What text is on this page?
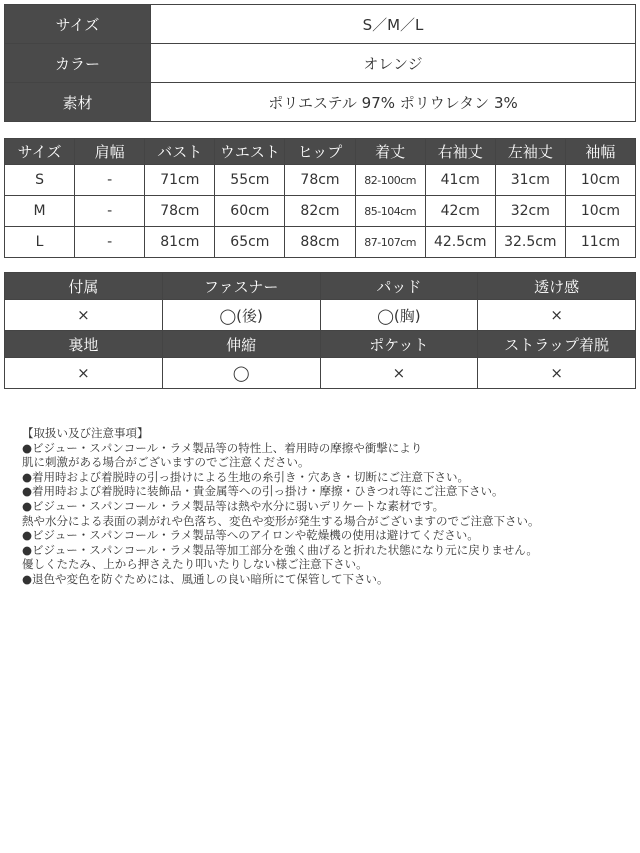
サイズ	S／M／L
カラー	オレンジ
素材	ポリエステル 97% ポリウレタン 3%
サイズ	肩幅	バスト	ウエスト	ヒップ	着丈	右袖丈	左袖丈	袖幅
S	-	71cm	55cm	78cm	82-100cm	41cm	31cm	10cm
M	-	78cm	60cm	82cm	85-104cm	42cm	32cm	10cm
L	-	81cm	65cm	88cm	87-107cm	42.5cm	32.5cm	11cm
付属	ファスナー	パッド	透け感
×	◯(後)	◯(胸)	×
裏地	伸縮	ポケット	ストラップ着脱
×	◯	×	×
【取扱い及び注意事項】
●ビジュー・スパンコール・ラメ製品等の特性上、着用時の摩擦や衝撃により
肌に刺激がある場合がございますのでご注意ください。
●着用時および着脱時の引っ掛けによる生地の糸引き・穴あき・切断にご注意下さい。
●着用時および着脱時に装飾品・貴金属等への引っ掛け・摩擦・ひきつれ等にご注意下さい。
●ビジュー・スパンコール・ラメ製品等は熱や水分に弱いデリケートな素材です。
熱や水分による表面の剥がれや色落ち、変色や変形が発生する場合がございますのでご注意下さい。
●ビジュー・スパンコール・ラメ製品等へのアイロンや乾燥機の使用は避けてください。
●ビジュー・スパンコール・ラメ製品等加工部分を強く曲げると折れた状態になり元に戻りません。
優しくたたみ、上から押さえたり叩いたりしない様ご注意下さい。
●退色や変色を防ぐためには、風通しの良い暗所にて保管して下さい。
